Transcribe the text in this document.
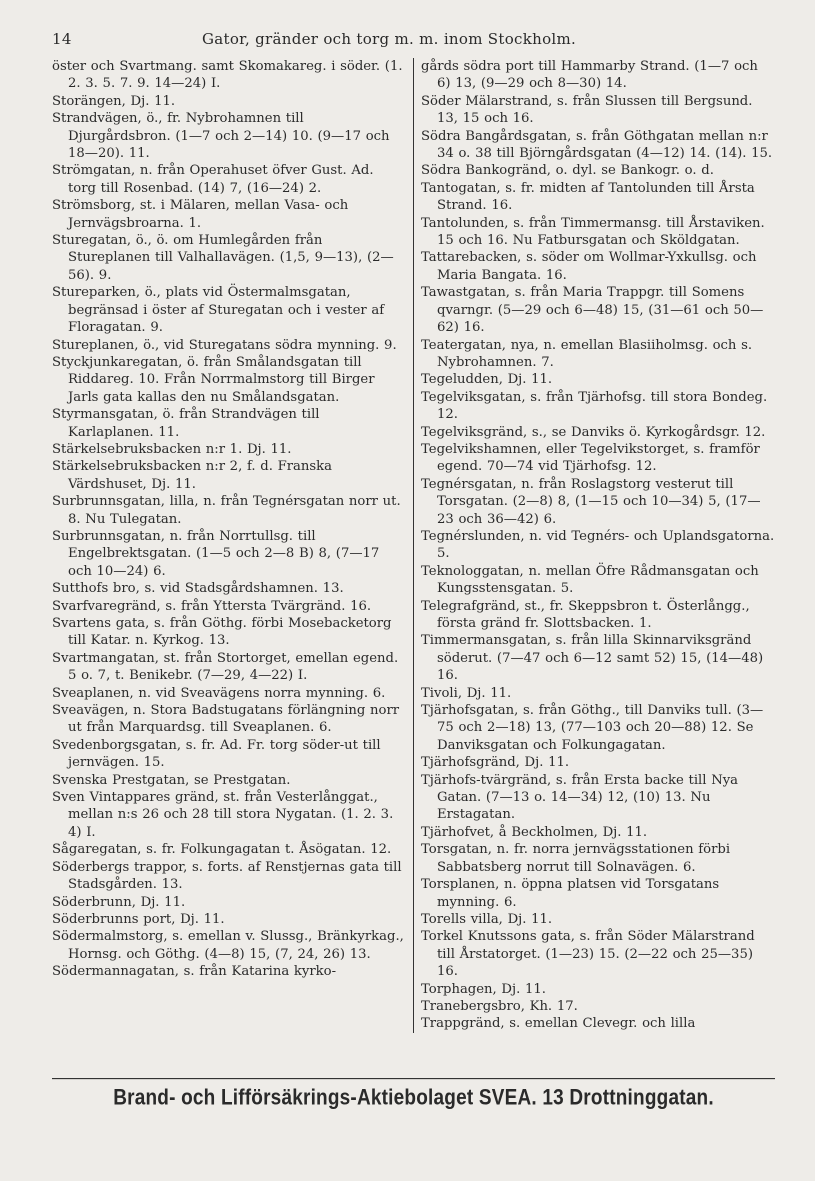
14	Gator, gränder och torg m. m. inom Stockholm.
öster och Svartmang. samt Skomakareg. i söder. (1. 2. 3. 5. 7. 9. 14—24) I.
Storängen, Dj. 11.
Strandvägen, ö., fr. Nybrohamnen till Djurgårdsbron. (1—7 och 2—14) 10. (9—17 och 18—20). 11.
Strömgatan, n. från Operahuset öfver Gust. Ad. torg till Rosenbad. (14) 7, (16—24) 2.
Strömsborg, st. i Mälaren, mellan Vasa- och Jernvägsbroarna. 1.
Sturegatan, ö., ö. om Humlegården från Stureplanen till Valhallavägen. (1,5, 9—13), (2—56). 9.
Stureparken, ö., plats vid Östermalmsgatan, begränsad i öster af Sturegatan och i vester af Floragatan. 9.
Stureplanen, ö., vid Sturegatans södra mynning. 9.
Styckjunkaregatan, ö. från Smålandsgatan till Riddareg. 10. Från Norrmalmstorg till Birger Jarls gata kallas den nu Smålandsgatan.
Styrmansgatan, ö. från Strandvägen till Karlaplanen. 11.
Stärkelsebruksbacken n:r 1. Dj. 11.
Stärkelsebruksbacken n:r 2, f. d. Franska Värdshuset, Dj. 11.
Surbrunnsgatan, lilla, n. från Tegnérsgatan norr ut. 8. Nu Tulegatan.
Surbrunnsgatan, n. från Norrtullsg. till Engelbrektsgatan. (1—5 och 2—8 B) 8, (7—17 och 10—24) 6.
Sutthofs bro, s. vid Stadsgårdshamnen. 13.
Svarfvaregränd, s. från Yttersta Tvärgränd. 16.
Svartens gata, s. från Göthg. förbi Mosebacketorg till Katar. n. Kyrkog. 13.
Svartmangatan, st. från Stortorget, emellan egend. 5 o. 7, t. Benikebr. (7—29, 4—22) I.
Sveaplanen, n. vid Sveavägens norra mynning. 6.
Sveavägen, n. Stora Badstugatans förlängning norr ut från Marquardsg. till Sveaplanen. 6.
Svedenborgsgatan, s. fr. Ad. Fr. torg söder-ut till jernvägen. 15.
Svenska Prestgatan, se Prestgatan.
Sven Vintappares gränd, st. från Vesterlånggat., mellan n:s 26 och 28 till stora Nygatan. (1. 2. 3. 4) I.
Sågaregatan, s. fr. Folkungagatan t. Åsögatan. 12.
Söderbergs trappor, s. forts. af Renstjernas gata till Stadsgården. 13.
Söderbrunn, Dj. 11.
Söderbrunns port, Dj. 11.
Södermalmstorg, s. emellan v. Slussg., Bränkyrkag., Hornsg. och Göthg. (4—8) 15, (7, 24, 26) 13.
Södermannagatan, s. från Katarina kyrko-
gårds södra port till Hammarby Strand. (1—7 och 6) 13, (9—29 och 8—30) 14.
Söder Mälarstrand, s. från Slussen till Bergsund. 13, 15 och 16.
Södra Bangårdsgatan, s. från Göthgatan mellan n:r 34 o. 38 till Björngårdsgatan (4—12) 14. (14). 15.
Södra Bankogränd, o. dyl. se Bankogr. o. d.
Tantogatan, s. fr. midten af Tantolunden till Årsta Strand. 16.
Tantolunden, s. från Timmermansg. till Årstaviken. 15 och 16. Nu Fatbursgatan och Sköldgatan.
Tattarebacken, s. söder om Wollmar-Yxkullsg. och Maria Bangata. 16.
Tawastgatan, s. från Maria Trappgr. till Somens qvarngr. (5—29 och 6—48) 15, (31—61 och 50—62) 16.
Teatergatan, nya, n. emellan Blasiiholmsg. och s. Nybrohamnen. 7.
Tegeludden, Dj. 11.
Tegelviksgatan, s. från Tjärhofsg. till stora Bondeg. 12.
Tegelviksgränd, s., se Danviks ö. Kyrkogårdsgr. 12.
Tegelvikshamnen, eller Tegelvikstorget, s. framför egend. 70—74 vid Tjärhofsg. 12.
Tegnérsgatan, n. från Roslagstorg vesterut till Torsgatan. (2—8) 8, (1—15 och 10—34) 5, (17—23 och 36—42) 6.
Tegnérslunden, n. vid Tegnérs- och Uplandsgatorna. 5.
Teknologgatan, n. mellan Öfre Rådmansgatan och Kungsstensgatan. 5.
Telegrafgränd, st., fr. Skeppsbron t. Österlångg., första gränd fr. Slottsbacken. 1.
Timmermansgatan, s. från lilla Skinnarviksgränd söderut. (7—47 och 6—12 samt 52) 15, (14—48) 16.
Tivoli, Dj. 11.
Tjärhofsgatan, s. från Göthg., till Danviks tull. (3—75 och 2—18) 13, (77—103 och 20—88) 12. Se Danviksgatan och Folkungagatan.
Tjärhofsgränd, Dj. 11.
Tjärhofs-tvärgränd, s. från Ersta backe till Nya Gatan. (7—13 o. 14—34) 12, (10) 13. Nu Erstagatan.
Tjärhofvet, å Beckholmen, Dj. 11.
Torsgatan, n. fr. norra jernvägsstationen förbi Sabbatsberg norrut till Solnavägen. 6.
Torsplanen, n. öppna platsen vid Torsgatans mynning. 6.
Torells villa, Dj. 11.
Torkel Knutssons gata, s. från Söder Mälarstrand till Årstatorget. (1—23) 15. (2—22 och 25—35) 16.
Torphagen, Dj. 11.
Tranebergsbro, Kh. 17.
Trappgränd, s. emellan Clevegr. och lilla
Brand- och Lifförsäkrings-Aktiebolaget SVEA. 13 Drottninggatan.
